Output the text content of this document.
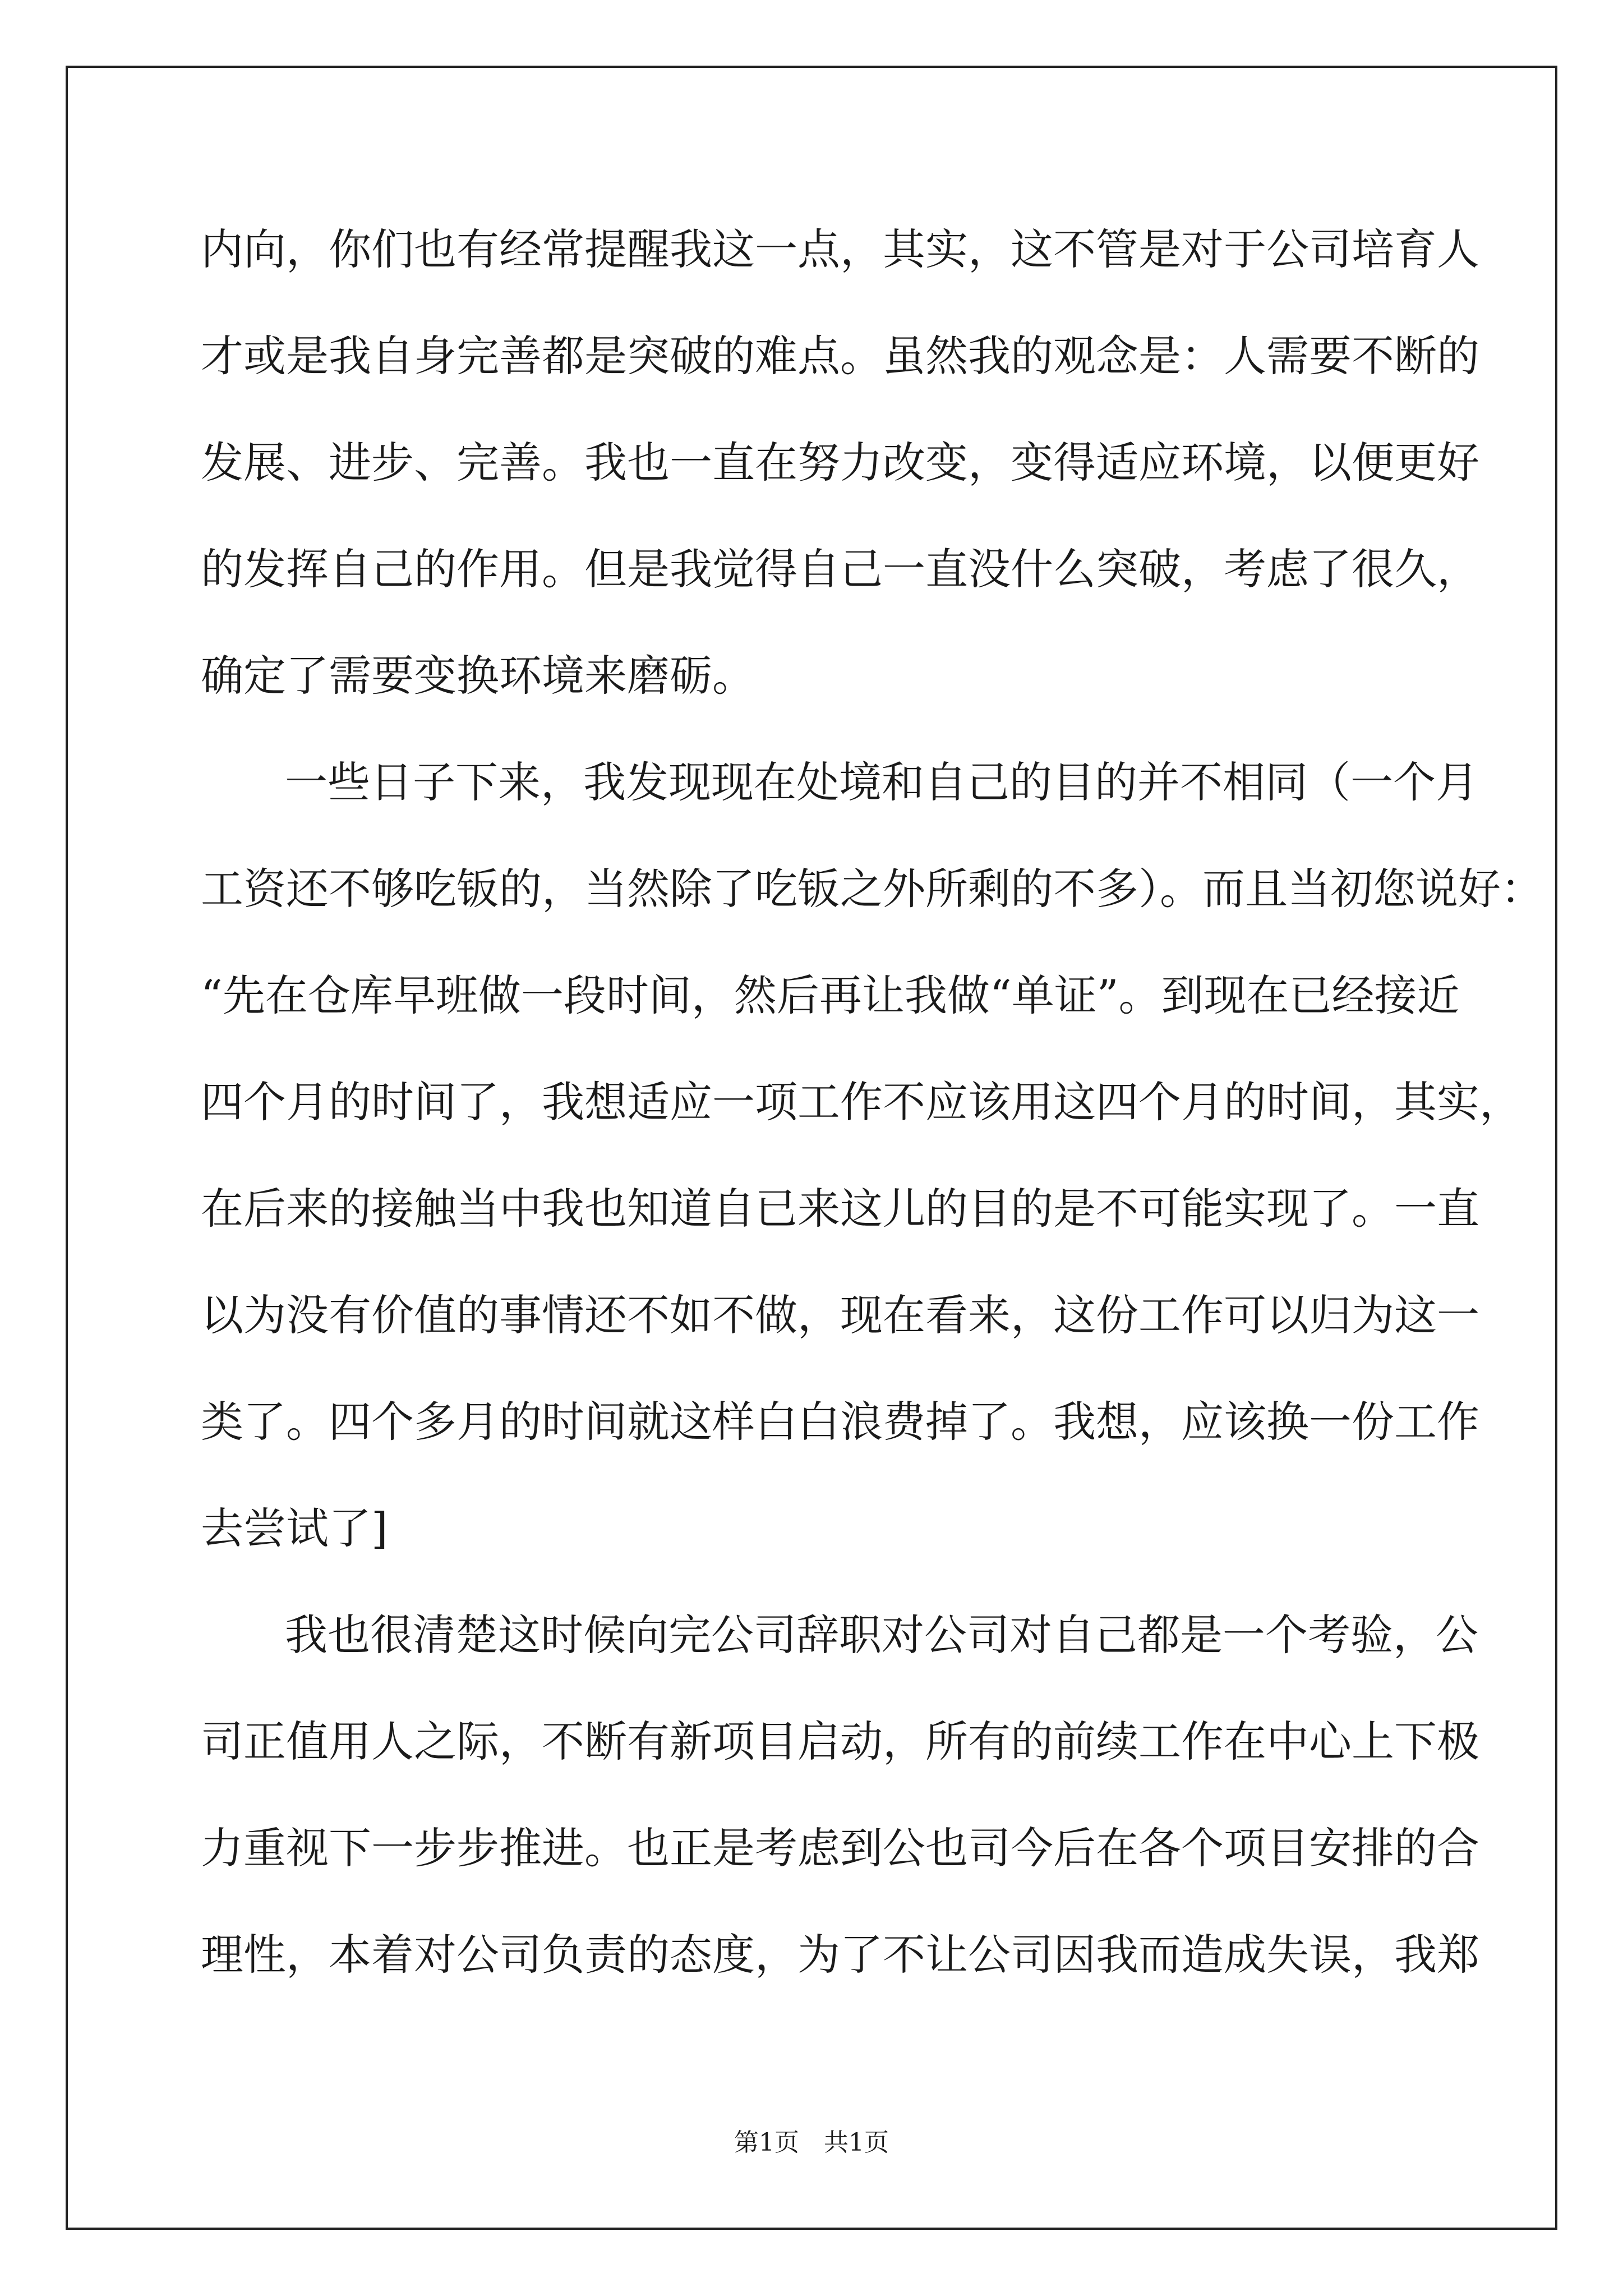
内向，你们也有经常提醒我这一点，其实，这不管是对于公司培育人
才或是我自身完善都是突破的难点。虽然我的观念是：人需要不断的
发展、进步、完善。我也一直在努力改变，变得适应环境，以便更好
的发挥自己的作用。但是我觉得自己一直没什么突破，考虑了很久，
确定了需要变换环境来磨砺。
一些日子下来，我发现现在处境和自己的目的并不相同（一个月
工资还不够吃钣的，当然除了吃钣之外所剩的不多）。而且当初您说好：
“先在仓库早班做一段时间，然后再让我做“单证”。到现在已经接近
四个月的时间了，我想适应一项工作不应该用这四个月的时间，其实，
在后来的接触当中我也知道自已来这儿的目的是不可能实现了。一直
以为没有价值的事情还不如不做，现在看来，这份工作可以归为这一
类了。四个多月的时间就这样白白浪费掉了。我想，应该换一份工作
去尝试了]
我也很清楚这时候向完公司辞职对公司对自己都是一个考验，公
司正值用人之际，不断有新项目启动，所有的前续工作在中心上下极
力重视下一步步推进。也正是考虑到公也司今后在各个项目安排的合
理性，本着对公司负责的态度，为了不让公司因我而造成失误，我郑
第1页　共1页
